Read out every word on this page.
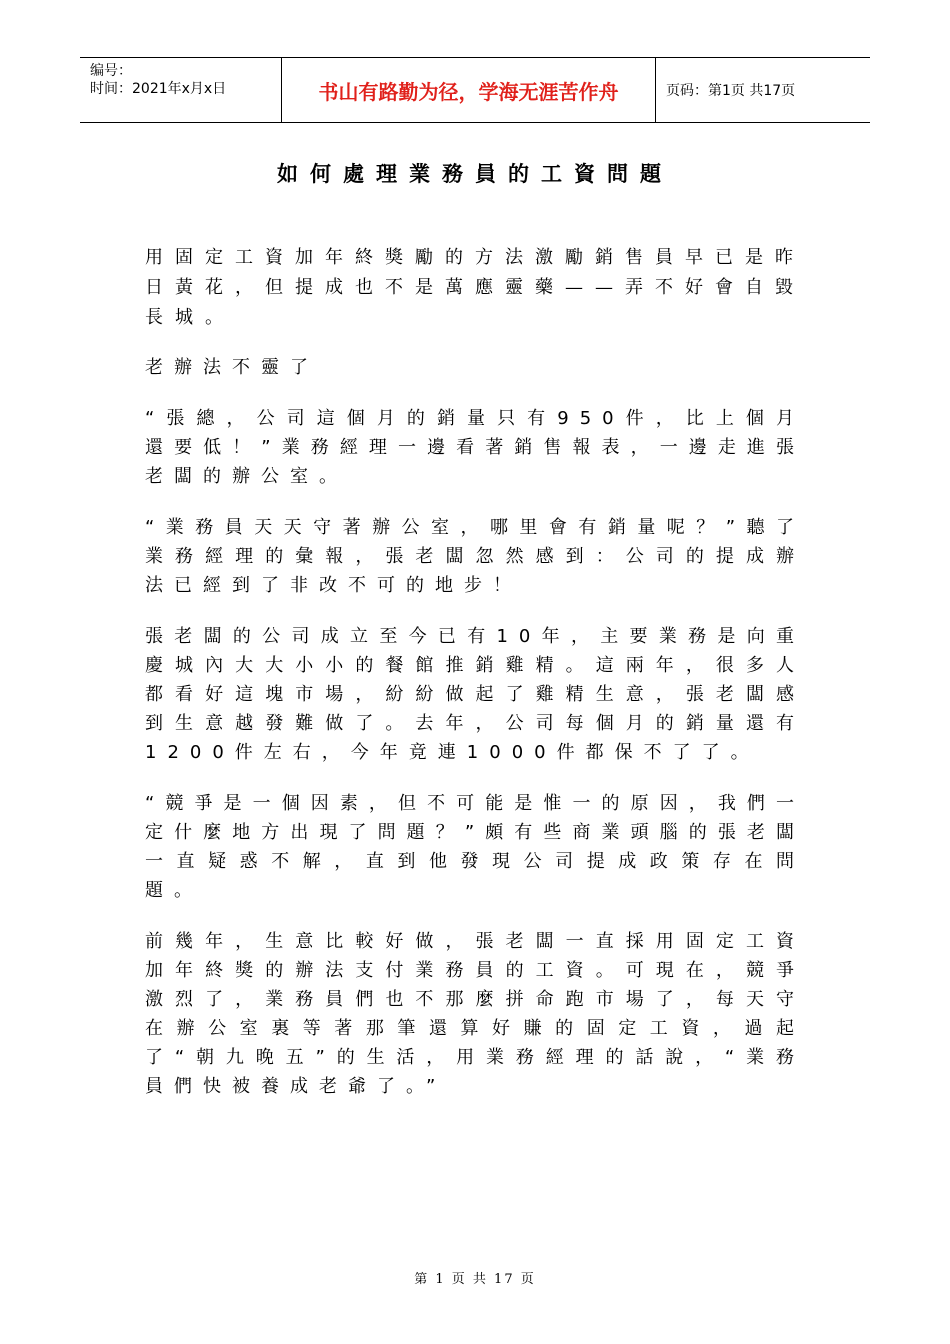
编号：
时间：2021年x月x日	书山有路勤为径，学海无涯苦作舟	页码：第1页 共17页
如何處理業務員的工資問題

用固定工資加年終獎勵的方法激勵銷售員早已是昨日黃花，但提成也不是萬應靈藥——弄不好會自毀長城。

老辦法不靈了

“張總，公司這個月的銷量只有950件，比上個月還要低！”業務經理一邊看著銷售報表，一邊走進張老闆的辦公室。

“業務員天天守著辦公室，哪里會有銷量呢？”聽了業務經理的彙報，張老闆忽然感到：公司的提成辦法已經到了非改不可的地步！

張老闆的公司成立至今已有10年，主要業務是向重慶城內大大小小的餐館推銷雞精。這兩年，很多人都看好這塊市場，紛紛做起了雞精生意，張老闆感到生意越發難做了。去年，公司每個月的銷量還有1200件左右，今年竟連1000件都保不了了。

“競爭是一個因素，但不可能是惟一的原因，我們一定什麼地方出現了問題？”頗有些商業頭腦的張老闆一直疑惑不解，直到他發現公司提成政策存在問題。

前幾年，生意比較好做，張老闆一直採用固定工資加年終獎的辦法支付業務員的工資。可現在，競爭激烈了，業務員們也不那麼拼命跑市場了，每天守在辦公室裏等著那筆還算好賺的固定工資，過起了“朝九晚五”的生活，用業務經理的話說，“業務員們快被養成老爺了。”

第 1 页 共 17 页
